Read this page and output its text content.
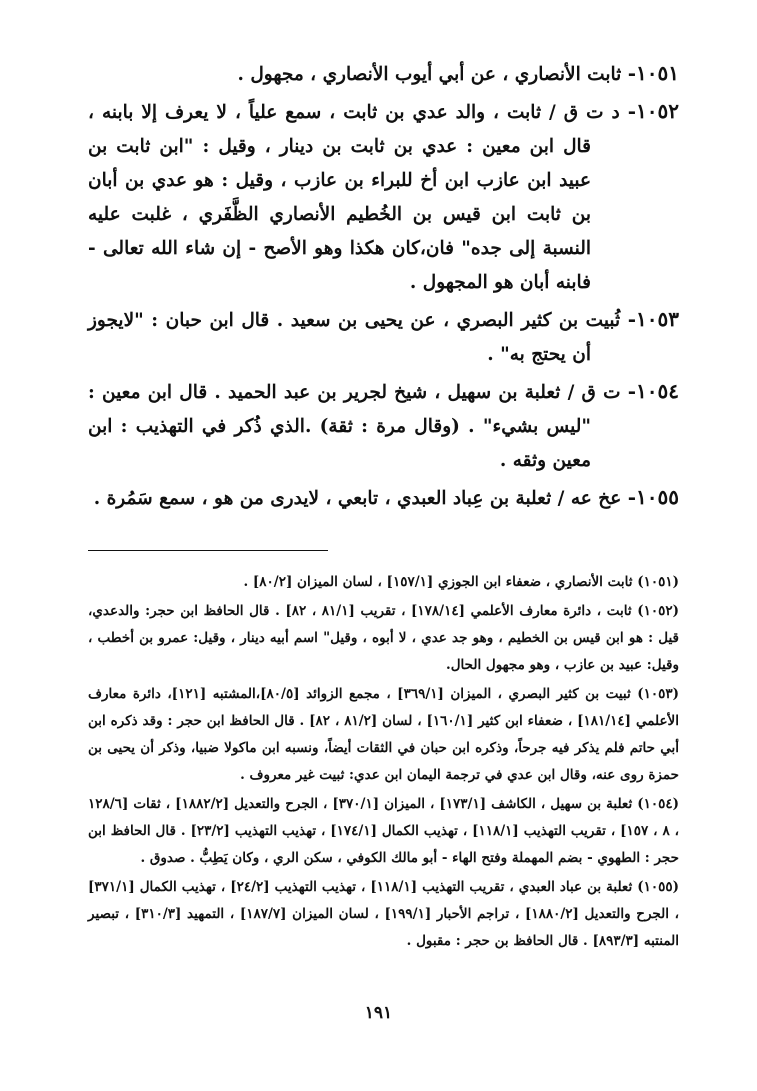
١٠٥١- ثابت الأنصاري ، عن أبي أيوب الأنصاري ، مجهول .

١٠٥٢- د ت ق / ثابت ، والد عدي بن ثابت ، سمع علياً ، لا يعرف إلا بابنه ، قال ابن معين : عدي بن ثابت بن دينار ، وقيل : "ابن ثابت بن عبيد ابن عازب ابن أخ للبراء بن عازب ، وقيل : هو عدي بن أبان بن ثابت ابن قيس بن الخُطيم الأنصاري الظَّفَري ، غلبت عليه النسبة إلى جده" فان،كان هكذا وهو الأصح - إن شاء الله تعالى - فابنه أبان هو المجهول .

١٠٥٣- ثُبيت بن كثير البصري ، عن يحيى بن سعيد . قال ابن حبان : "لايجوز أن يحتج به" .

١٠٥٤- ت ق / ثعلبة بن سهيل ، شيخ لجرير بن عبد الحميد . قال ابن معين : "ليس بشيء" . (وقال مرة : ثقة) .الذي ذُكر في التهذيب : ابن معين وثقه .

١٠٥٥- عخ عه / ثعلبة بن عِباد العبدي ، تابعي ، لايدرى من هو ، سمع سَمُرة .

(١٠٥١) ثابت الأنصاري ، ضعفاء ابن الجوزي [١٥٧/١] ، لسان الميزان [٨٠/٢] .

(١٠٥٢) ثابت ، دائرة معارف الأعلمي [١٧٨/١٤] ، تقريب [٨١/١ ، ٨٢] . قال الحافظ ابن حجر: والدعدي، قيل : هو ابن قيس بن الخطيم ، وهو جد عدي ، لا أبوه ، وقيل" اسم أبيه دينار ، وقيل: عمرو بن أخطب ، وقيل: عبيد بن عازب ، وهو مجهول الحال.

(١٠٥٣) ثبيت بن كثير البصري ، الميزان [٣٦٩/١] ، مجمع الزوائد [٨٠/٥]،المشتبه [١٢١]، دائرة معارف الأعلمي [١٨١/١٤] ، ضعفاء ابن كثير [١٦٠/١] ، لسان [٨١/٢ ، ٨٢] . قال الحافظ ابن حجر : وقد ذكره ابن أبي حاتم فلم يذكر فيه جرحاً، وذكره ابن حبان في الثقات أيضاً، ونسبه ابن ماكولا ضبيا، وذكر أن يحيى بن حمزة روى عنه، وقال ابن عدي في ترجمة اليمان ابن عدي: ثبيت غير معروف .

(١٠٥٤) ثعلبة بن سهيل ، الكاشف [١٧٣/١] ، الميزان [٣٧٠/١] ، الجرح والتعديل [١٨٨٢/٢] ، ثقات [١٢٨/٦ ، ٨ ، ١٥٧] ، تقريب التهذيب [١١٨/١] ، تهذيب الكمال [١٧٤/١] ، تهذيب التهذيب [٢٣/٢] . قال الحافظ ابن حجر : الطهوي - بضم المهملة وفتح الهاء - أبو مالك الكوفي ، سكن الري ، وكان يَطِبُّ . صدوق .

(١٠٥٥) ثعلبة بن عباد العبدي ، تقريب التهذيب [١١٨/١] ، تهذيب التهذيب [٢٤/٢] ، تهذيب الكمال [٣٧١/١] ، الجرح والتعديل [١٨٨٠/٢] ، تراجم الأحبار [١٩٩/١] ، لسان الميزان [١٨٧/٧] ، التمهيد [٣١٠/٣] ، تبصير المنتبه [٨٩٣/٣] . قال الحافظ بن حجر : مقبول .

١٩١
